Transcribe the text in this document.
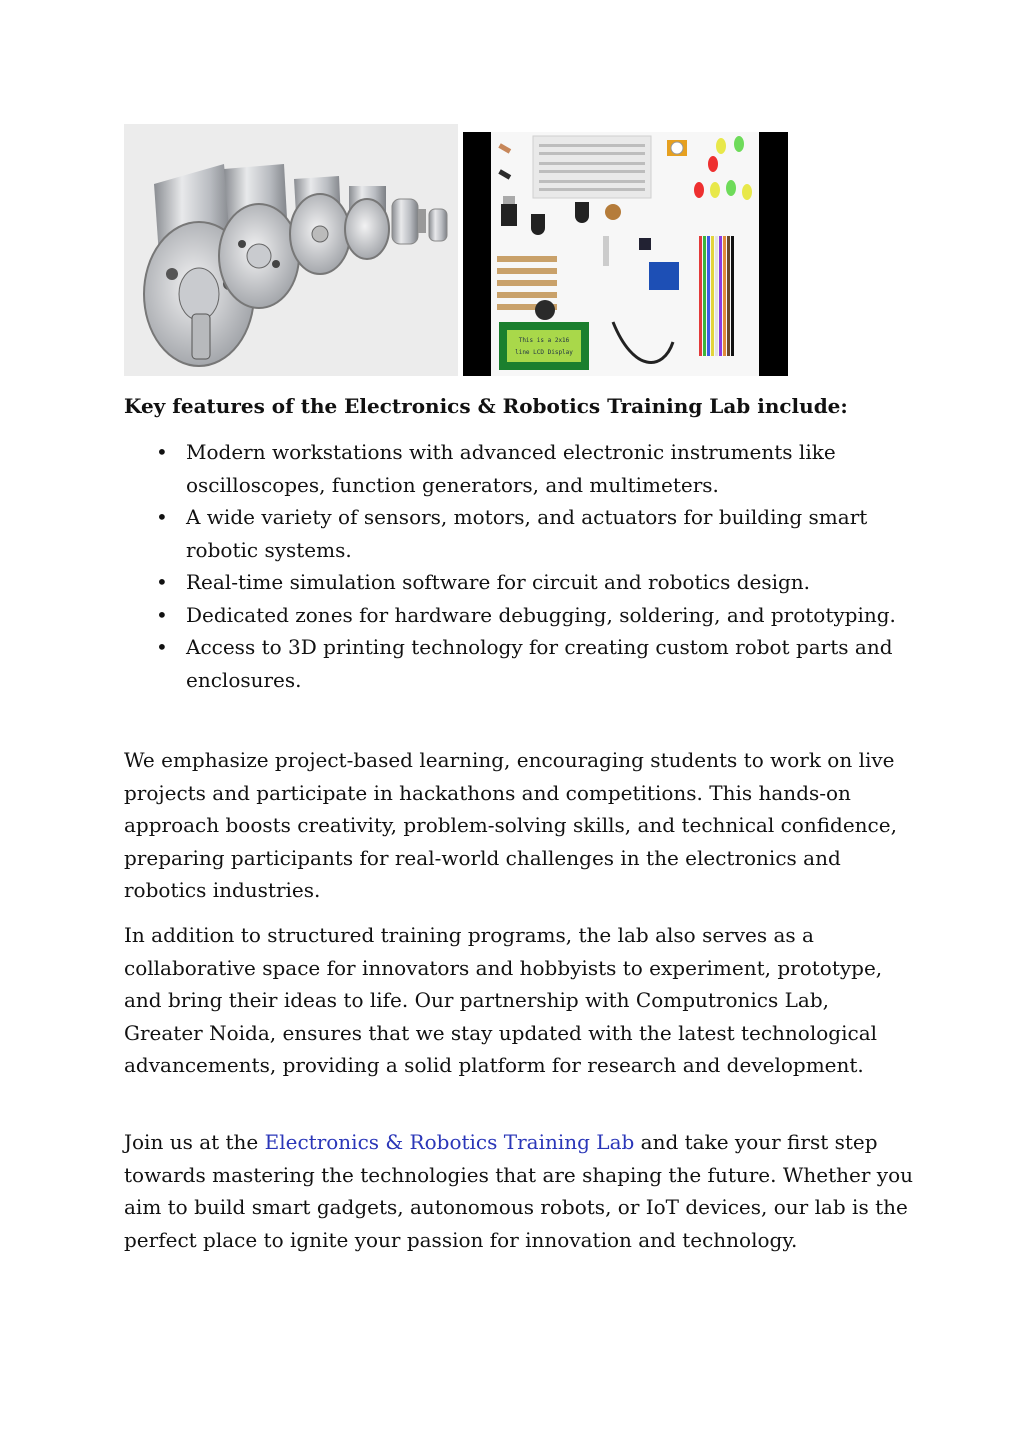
This is a 2x16
line LCD Display

Key features of the Electronics & Robotics Training Lab include:

• Modern workstations with advanced electronic instruments like oscilloscopes, function generators, and multimeters.
• A wide variety of sensors, motors, and actuators for building smart robotic systems.
• Real-time simulation software for circuit and robotics design.
• Dedicated zones for hardware debugging, soldering, and prototyping.
• Access to 3D printing technology for creating custom robot parts and enclosures.

We emphasize project-based learning, encouraging students to work on live projects and participate in hackathons and competitions. This hands-on approach boosts creativity, problem-solving skills, and technical confidence, preparing participants for real-world challenges in the electronics and robotics industries.

In addition to structured training programs, the lab also serves as a collaborative space for innovators and hobbyists to experiment, prototype, and bring their ideas to life. Our partnership with Computronics Lab, Greater Noida, ensures that we stay updated with the latest technological advancements, providing a solid platform for research and development.

Join us at the Electronics & Robotics Training Lab and take your first step towards mastering the technologies that are shaping the future. Whether you aim to build smart gadgets, autonomous robots, or IoT devices, our lab is the perfect place to ignite your passion for innovation and technology.
